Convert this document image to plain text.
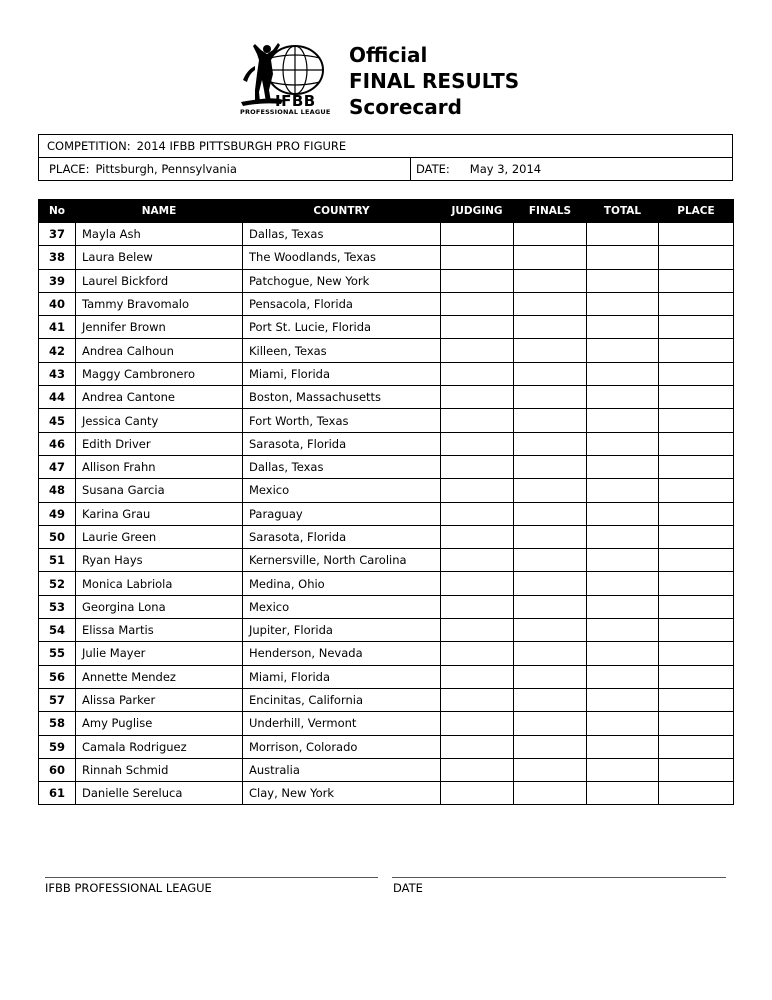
IFBB
PROFESSIONAL LEAGUE
Official
FINAL RESULTS
Scorecard
COMPETITION: 2014 IFBB PITTSBURGH PRO FIGURE
PLACE: Pittsburgh, Pennsylvania	DATE: May 3, 2014
No	NAME	COUNTRY	JUDGING	FINALS	TOTAL	PLACE
37	Mayla Ash	Dallas, Texas				
38	Laura Belew	The Woodlands, Texas				
39	Laurel Bickford	Patchogue, New York				
40	Tammy Bravomalo	Pensacola, Florida				
41	Jennifer Brown	Port St. Lucie, Florida				
42	Andrea Calhoun	Killeen, Texas				
43	Maggy Cambronero	Miami, Florida				
44	Andrea Cantone	Boston, Massachusetts				
45	Jessica Canty	Fort Worth, Texas				
46	Edith Driver	Sarasota, Florida				
47	Allison Frahn	Dallas, Texas				
48	Susana Garcia	Mexico				
49	Karina Grau	Paraguay				
50	Laurie Green	Sarasota, Florida				
51	Ryan Hays	Kernersville, North Carolina				
52	Monica Labriola	Medina, Ohio				
53	Georgina Lona	Mexico				
54	Elissa Martis	Jupiter, Florida				
55	Julie Mayer	Henderson, Nevada				
56	Annette Mendez	Miami, Florida				
57	Alissa Parker	Encinitas, California				
58	Amy Puglise	Underhill, Vermont				
59	Camala Rodriguez	Morrison, Colorado				
60	Rinnah Schmid	Australia				
61	Danielle Sereluca	Clay, New York				
IFBB PROFESSIONAL LEAGUE	DATE
